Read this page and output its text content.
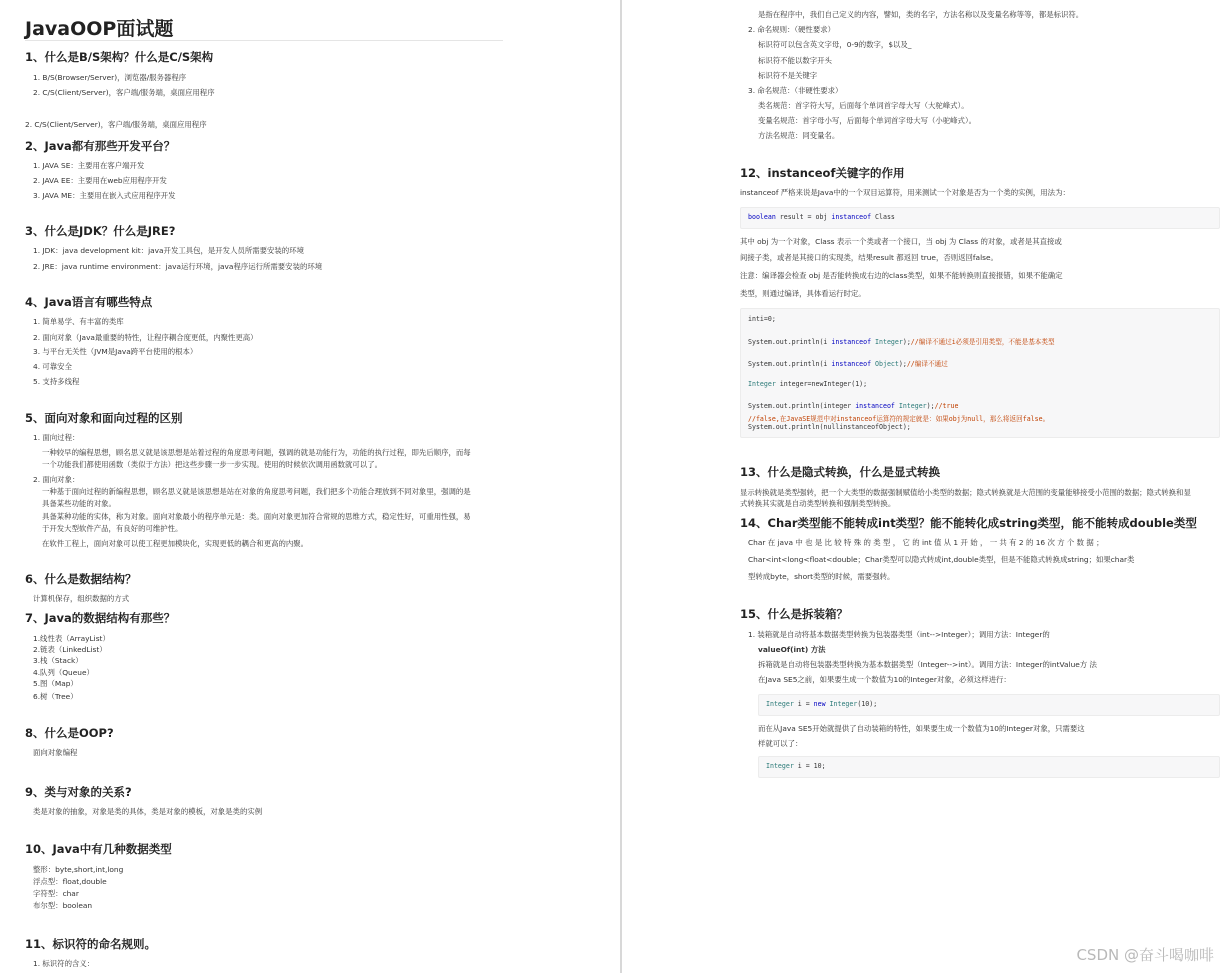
JavaOOP面试题
1、什么是B/S架构？什么是C/S架构
1. B/S(Browser/Server)，浏览器/服务器程序
2. C/S(Client/Server)，客户端/服务端，桌面应用程序
2. C/S(Client/Server)，客户端/服务端，桌面应用程序
2、Java都有那些开发平台？
1. JAVA SE：主要用在客户端开发
2. JAVA EE：主要用在web应用程序开发
3. JAVA ME：主要用在嵌入式应用程序开发
3、什么是JDK？什么是JRE?
1. JDK：java development kit：java开发工具包，是开发人员所需要安装的环境
2. JRE：java runtime environment：java运行环境，java程序运行所需要安装的环境
4、Java语言有哪些特点
1. 简单易学、有丰富的类库
2. 面向对象（Java最重要的特性，让程序耦合度更低，内聚性更高）
3. 与平台无关性（JVM是Java跨平台使用的根本）
4. 可靠安全
5. 支持多线程
5、面向对象和面向过程的区别
1. 面向过程：
一种较早的编程思想，顾名思义就是该思想是站着过程的角度思考问题，强调的就是功能行为，功能的执行过程，即先后顺序，而每
一个功能我们都使用函数（类似于方法）把这些步骤一步一步实现。使用的时候依次调用函数就可以了。
2. 面向对象：
一种基于面向过程的新编程思想，顾名思义就是该思想是站在对象的角度思考问题，我们把多个功能合理放到不同对象里，强调的是
具备某些功能的对象。
具备某种功能的实体，称为对象。面向对象最小的程序单元是：类。面向对象更加符合常规的思维方式，稳定性好，可重用性强，易
于开发大型软件产品，有良好的可维护性。
在软件工程上，面向对象可以使工程更加模块化，实现更低的耦合和更高的内聚。
6、什么是数据结构？
计算机保存，组织数据的方式
7、Java的数据结构有那些？
1.线性表（ArrayList）
2.链表（LinkedList）
3.栈（Stack）
4.队列（Queue）
5.图（Map）
6.树（Tree）
8、什么是OOP?
面向对象编程
9、类与对象的关系?
类是对象的抽象，对象是类的具体，类是对象的模板，对象是类的实例
10、Java中有几种数据类型
整形：byte,short,int,long
浮点型：float,double
字符型：char
布尔型：boolean
11、标识符的命名规则。
1. 标识符的含义：
是指在程序中，我们自己定义的内容，譬如，类的名字，方法名称以及变量名称等等，都是标识符。
2. 命名规则：（硬性要求）
标识符可以包含英文字母，0-9的数字，$以及_
标识符不能以数字开头
标识符不是关键字
3. 命名规范：（非硬性要求）
类名规范：首字符大写，后面每个单词首字母大写（大驼峰式）。
变量名规范：首字母小写，后面每个单词首字母大写（小驼峰式）。
方法名规范：同变量名。
12、instanceof关键字的作用
instanceof 严格来说是Java中的一个双目运算符，用来测试一个对象是否为一个类的实例，用法为：
boolean result = obj instanceof Class
其中 obj 为一个对象，Class 表示一个类或者一个接口，当 obj 为 Class 的对象，或者是其直接或
间接子类，或者是其接口的实现类，结果result 都返回 true，否则返回false。
注意：编译器会检查 obj 是否能转换成右边的class类型，如果不能转换则直接报错，如果不能确定
类型，则通过编译，具体看运行时定。
inti=0;
System.out.println(i instanceof Integer);//编译不通过i必须是引用类型，不能是基本类型
System.out.println(i instanceof Object);//编译不通过
Integer integer=newInteger(1);
System.out.println(integer instanceof Integer);//true
//false,在JavaSE规范中对instanceof运算符的规定就是：如果obj为null，那么将返回false。
System.out.println(nullinstanceofObject);
13、什么是隐式转换，什么是显式转换
显示转换就是类型强转，把一个大类型的数据强制赋值给小类型的数据；隐式转换就是大范围的变量能够接受小范围的数据；隐式转换和显
式转换其实就是自动类型转换和强制类型转换。
14、Char类型能不能转成int类型？能不能转化成string类型，能不能转成double类型
Char 在 java 中 也 是 比 较 特 殊 的 类 型 ， 它 的 int 值 从 1 开 始 ， 一 共 有 2 的 16 次 方 个 数 据 ；
Char<int<long<float<double；Char类型可以隐式转成int,double类型，但是不能隐式转换成string；如果char类
型转成byte，short类型的时候，需要强转。
15、什么是拆装箱？
1. 装箱就是自动将基本数据类型转换为包装器类型（int-->Integer）；调用方法：Integer的
valueOf(int) 方法
拆箱就是自动将包装器类型转换为基本数据类型（Integer-->int）。调用方法：Integer的intValue方 法
在Java SE5之前，如果要生成一个数值为10的Integer对象，必须这样进行：
Integer i = new Integer(10);
而在从Java SE5开始就提供了自动装箱的特性，如果要生成一个数值为10的Integer对象，只需要这
样就可以了：
Integer i = 10;
CSDN @奋斗喝咖啡
